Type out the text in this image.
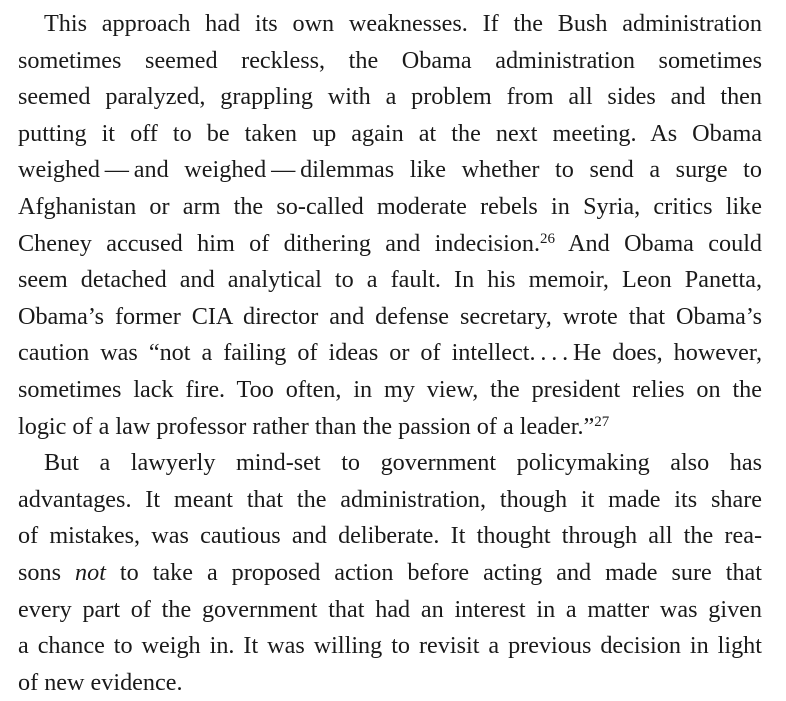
This approach had its own weaknesses. If the Bush administration
sometimes seemed reckless, the Obama administration sometimes
seemed paralyzed, grappling with a problem from all sides and then
putting it off to be taken up again at the next meeting. As Obama
weighed — and weighed — dilemmas like whether to send a surge to
Afghanistan or arm the so-called moderate rebels in Syria, critics like
Cheney accused him of dithering and indecision.$^{26}$ And Obama could
seem detached and analytical to a fault. In his memoir, Leon Panetta,
Obama’s former CIA director and defense secretary, wrote that Obama’s
caution was “not a failing of ideas or of intellect. . . . He does, however,
sometimes lack fire. Too often, in my view, the president relies on the
logic of a law professor rather than the passion of a leader.”$^{27}$
But a lawyerly mind-set to government policymaking also has
advantages. It meant that the administration, though it made its share
of mistakes, was cautious and deliberate. It thought through all the rea-
sons not to take a proposed action before acting and made sure that
every part of the government that had an interest in a matter was given
a chance to weigh in. It was willing to revisit a previous decision in light
of new evidence.
